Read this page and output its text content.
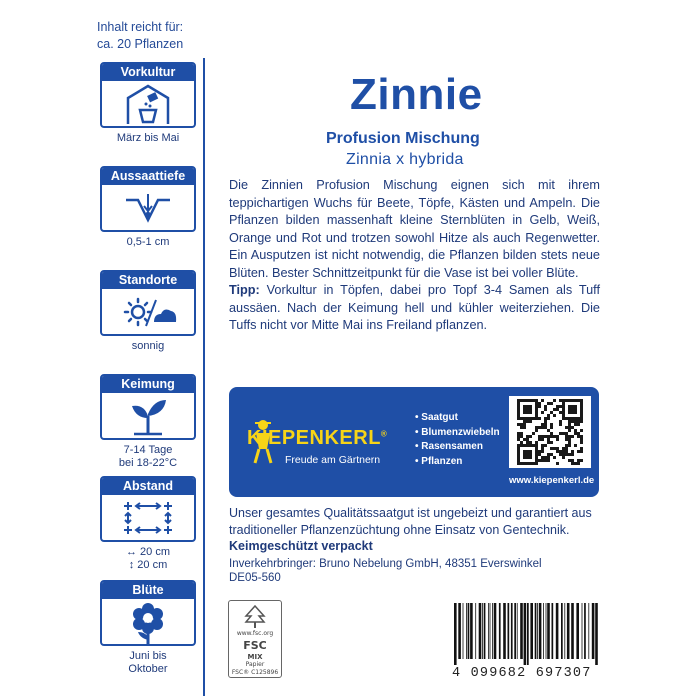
Inhalt reicht für:
ca. 20 Pflanzen
Vorkultur
März bis Mai
Aussaattiefe
0,5-1 cm
Standorte
sonnig
Keimung
7-14 Tage
bei 18-22°C
Abstand
↔ 20 cm
↕ 20 cm
Blüte
Juni bis
Oktober
Zinnie
Profusion Mischung
Zinnia x hybrida
Die Zinnien Profusion Mischung eignen sich mit ihrem teppichartigen Wuchs für Beete, Töpfe, Kästen und Ampeln. Die Pflanzen bilden massenhaft kleine Sternblüten in Gelb, Weiß, Orange und Rot und trotzen sowohl Hitze als auch Regenwetter. Ein Ausputzen ist nicht notwendig, die Pflanzen bilden stets neue Blüten. Bester Schnittzeitpunkt für die Vase ist bei voller Blüte.
Tipp: Vorkultur in Töpfen, dabei pro Topf 3-4 Samen als Tuff aussäen. Nach der Keimung hell und kühler weiterziehen. Die Tuffs nicht vor Mitte Mai ins Freiland pflanzen.
KIEPENKERL®
Freude am Gärtnern
• Saatgut
• Blumenzwiebeln
• Rasensamen
• Pflanzen
www.kiepenkerl.de
Unser gesamtes Qualitätssaatgut ist ungebeizt und garantiert aus traditioneller Pflanzenzüchtung ohne Einsatz von Gentechnik.
Keimgeschützt verpackt
Inverkehrbringer: Bruno Nebelung GmbH, 48351 Everswinkel
DE05-560
www.fsc.org
FSC
MIX
Papier
FSC® C125896	4 099682 697307
